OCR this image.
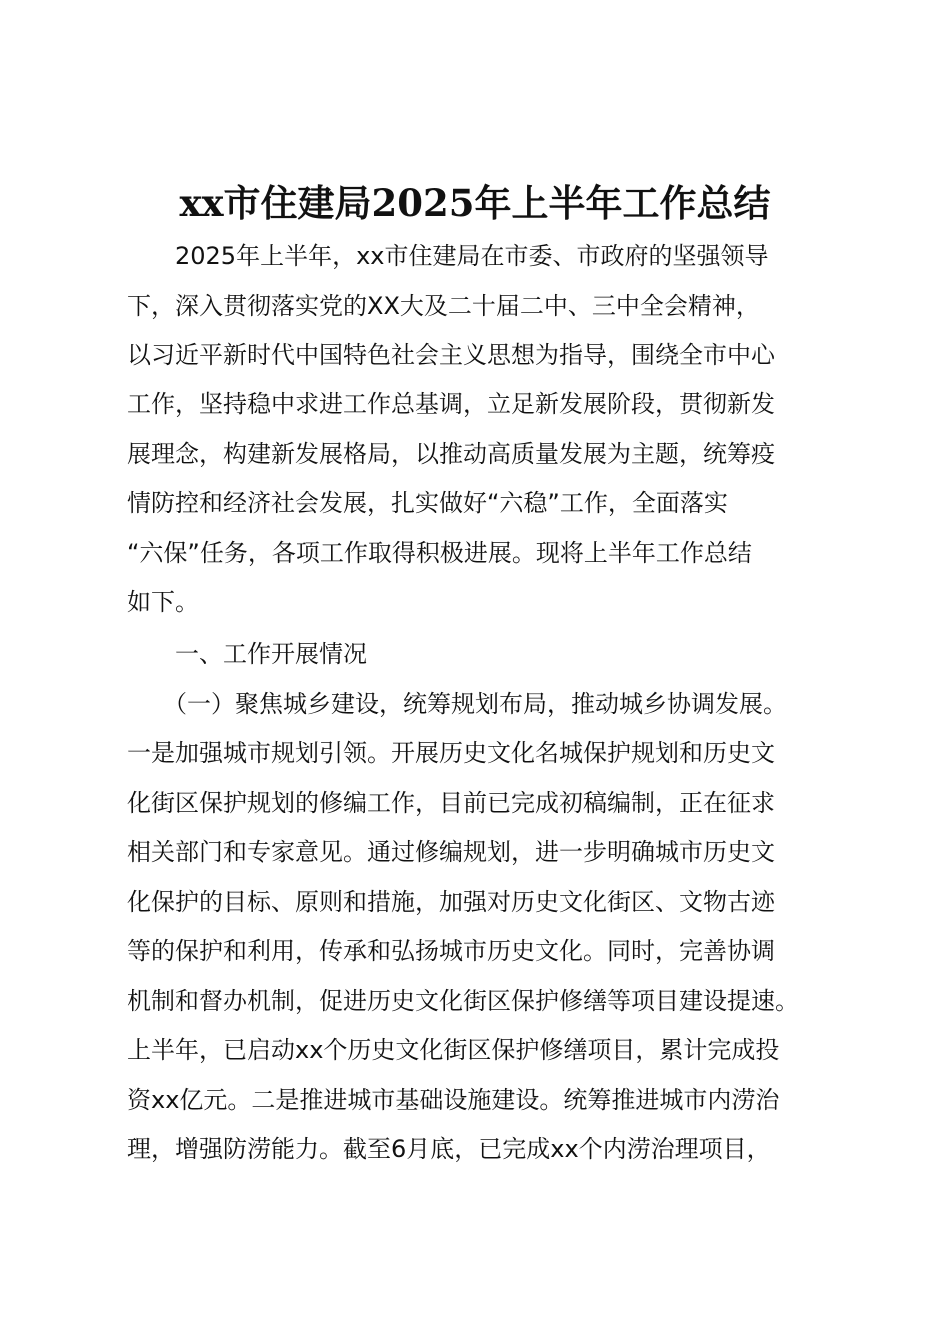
xx市住建局2025年上半年工作总结
　　2025年上半年，xx市住建局在市委、市政府的坚强领导
下，深入贯彻落实党的XX大及二十届二中、三中全会精神，
以习近平新时代中国特色社会主义思想为指导，围绕全市中心
工作，坚持稳中求进工作总基调，立足新发展阶段，贯彻新发
展理念，构建新发展格局，以推动高质量发展为主题，统筹疫
情防控和经济社会发展，扎实做好“六稳”工作，全面落实
“六保”任务，各项工作取得积极进展。现将上半年工作总结
如下。
　　一、工作开展情况
　　（一）聚焦城乡建设，统筹规划布局，推动城乡协调发展。
一是加强城市规划引领。开展历史文化名城保护规划和历史文
化街区保护规划的修编工作，目前已完成初稿编制，正在征求
相关部门和专家意见。通过修编规划，进一步明确城市历史文
化保护的目标、原则和措施，加强对历史文化街区、文物古迹
等的保护和利用，传承和弘扬城市历史文化。同时，完善协调
机制和督办机制，促进历史文化街区保护修缮等项目建设提速。
上半年，已启动xx个历史文化街区保护修缮项目，累计完成投
资xx亿元。二是推进城市基础设施建设。统筹推进城市内涝治
理，增强防涝能力。截至6月底，已完成xx个内涝治理项目，
